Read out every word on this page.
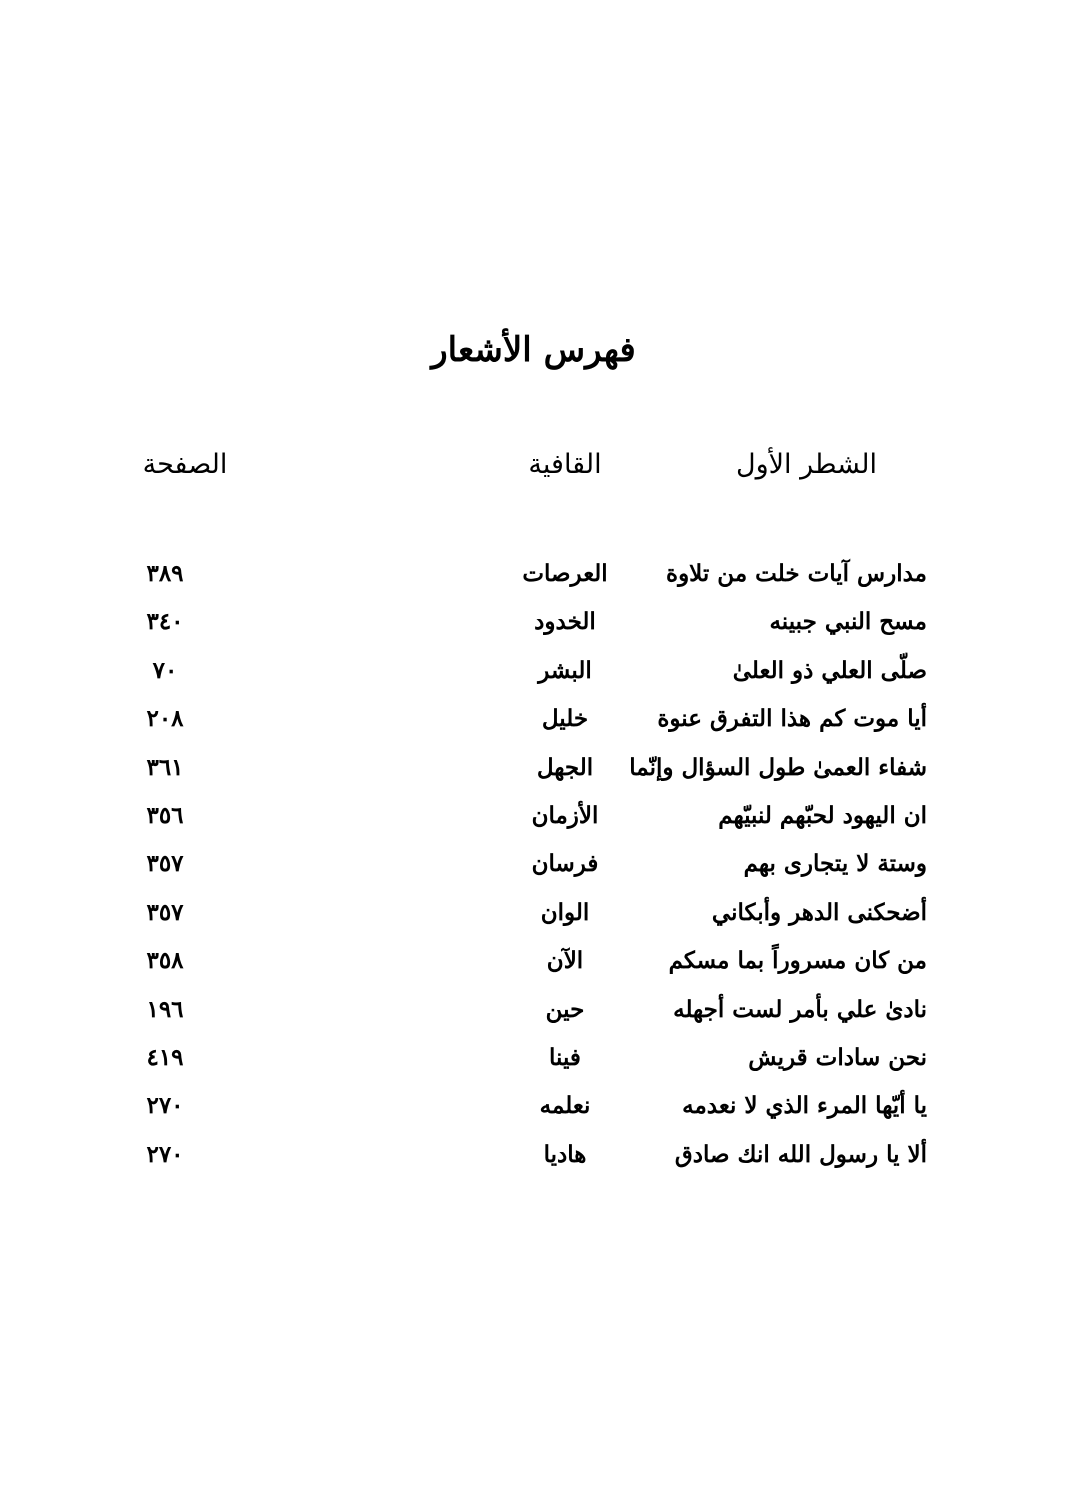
فهرس الأشعار
الشطر الأول
القافية
الصفحة
مدارس آيات خلت من تلاوة
العرصات
٣٨٩
مسح النبي جبينه
الخدود
٣٤٠
صلّى العلي ذو العلىٰ
البشر
٧٠
أيا موت كم هذا التفرق عنوة
خليل
٢٠٨
شفاء العمىٰ طول السؤال وإنّما
الجهل
٣٦١
ان اليهود لحبّهم لنبيّهم
الأزمان
٣٥٦
وستة لا يتجارى بهم
فرسان
٣٥٧
أضحكنى الدهر وأبكاني
الوان
٣٥٧
من كان مسروراً بما مسكم
الآن
٣٥٨
نادىٰ علي بأمر لست أجهله
حين
١٩٦
نحن سادات قريش
فينا
٤١٩
يا أيّها المرء الذي لا نعدمه
نعلمه
٢٧٠
ألا يا رسول الله انك صادق
هاديا
٢٧٠
